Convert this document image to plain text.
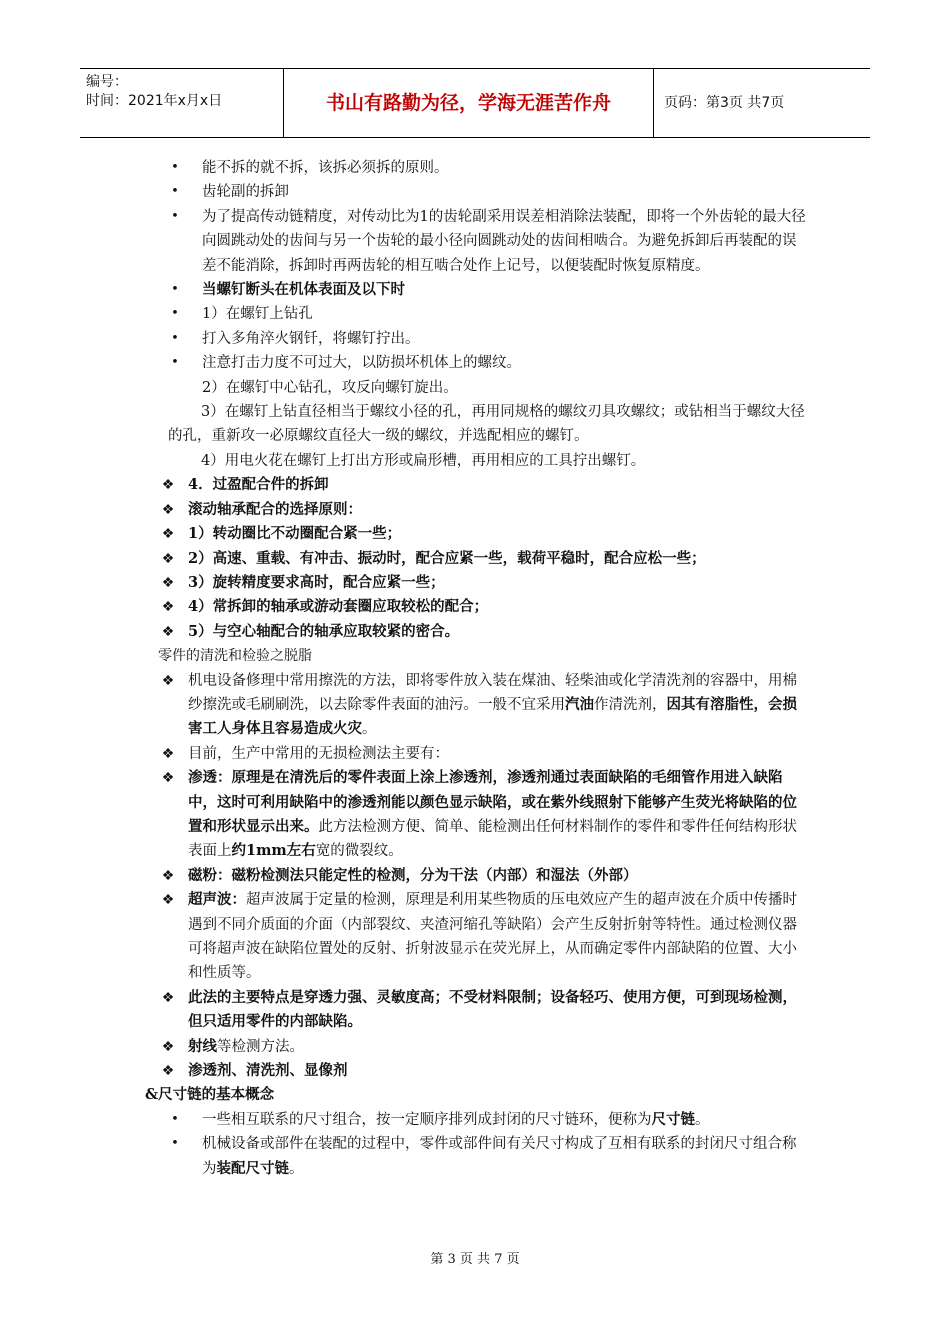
编号：
时间：2021年x月x日	书山有路勤为径，学海无涯苦作舟	页码：第3页 共7页
• 能不拆的就不拆，该拆必须拆的原则。
• 齿轮副的拆卸
• 为了提高传动链精度，对传动比为1的齿轮副采用误差相消除法装配，即将一个外齿轮的最大径向圆跳动处的齿间与另一个齿轮的最小径向圆跳动处的齿间相啮合。为避免拆卸后再装配的误差不能消除，拆卸时再两齿轮的相互啮合处作上记号，以便装配时恢复原精度。
• 当螺钉断头在机体表面及以下时
• 1）在螺钉上钻孔
• 打入多角淬火钢钎，将螺钉拧出。
• 注意打击力度不可过大，以防损坏机体上的螺纹。
2）在螺钉中心钻孔，攻反向螺钉旋出。
3）在螺钉上钻直径相当于螺纹小径的孔，再用同规格的螺纹刃具攻螺纹；或钻相当于螺纹大径的孔，重新攻一必原螺纹直径大一级的螺纹，并选配相应的螺钉。
4）用电火花在螺钉上打出方形或扁形槽，再用相应的工具拧出螺钉。
❖ 4．过盈配合件的拆卸
❖ 滚动轴承配合的选择原则：
❖ 1）转动圈比不动圈配合紧一些；
❖ 2）高速、重载、有冲击、振动时，配合应紧一些，载荷平稳时，配合应松一些；
❖ 3）旋转精度要求高时，配合应紧一些；
❖ 4）常拆卸的轴承或游动套圈应取较松的配合；
❖ 5）与空心轴配合的轴承应取较紧的密合。
零件的清洗和检验之脱脂
❖ 机电设备修理中常用擦洗的方法，即将零件放入装在煤油、轻柴油或化学清洗剂的容器中，用棉纱擦洗或毛刷刷洗，以去除零件表面的油污。一般不宜采用汽油作清洗剂，因其有溶脂性，会损害工人身体且容易造成火灾。
❖ 目前，生产中常用的无损检测法主要有：
❖ 渗透：原理是在清洗后的零件表面上涂上渗透剂，渗透剂通过表面缺陷的毛细管作用进入缺陷中，这时可利用缺陷中的渗透剂能以颜色显示缺陷，或在紫外线照射下能够产生荧光将缺陷的位置和形状显示出来。此方法检测方便、简单、能检测出任何材料制作的零件和零件任何结构形状表面上约1mm左右宽的微裂纹。
❖ 磁粉：磁粉检测法只能定性的检测，分为干法（内部）和湿法（外部）
❖ 超声波：超声波属于定量的检测，原理是利用某些物质的压电效应产生的超声波在介质中传播时遇到不同介质面的介面（内部裂纹、夹渣河缩孔等缺陷）会产生反射折射等特性。通过检测仪器可将超声波在缺陷位置处的反射、折射波显示在荧光屏上，从而确定零件内部缺陷的位置、大小和性质等。
❖ 此法的主要特点是穿透力强、灵敏度高；不受材料限制；设备轻巧、使用方便，可到现场检测，但只适用零件的内部缺陷。
❖ 射线等检测方法。
❖ 渗透剂、清洗剂、显像剂
&尺寸链的基本概念
• 一些相互联系的尺寸组合，按一定顺序排列成封闭的尺寸链环，便称为尺寸链。
• 机械设备或部件在装配的过程中，零件或部件间有关尺寸构成了互相有联系的封闭尺寸组合称为装配尺寸链。
第 3 页 共 7 页
